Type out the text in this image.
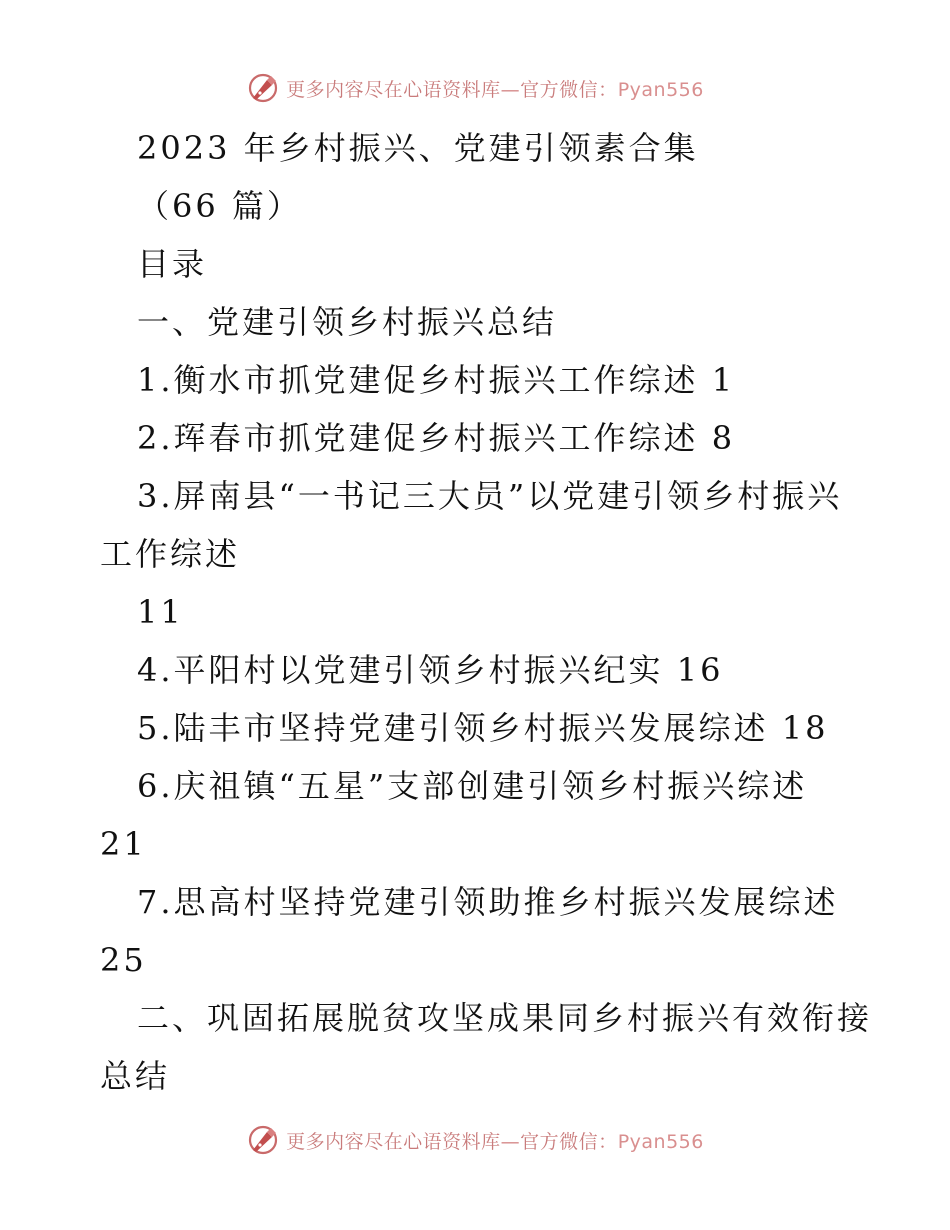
更多内容尽在心语资料库—官方微信：Pyan556
2023 年乡村振兴、党建引领素合集
（66 篇）
目录
一、党建引领乡村振兴总结
1.衡水市抓党建促乡村振兴工作综述 1
2.珲春市抓党建促乡村振兴工作综述 8
3.屏南县“一书记三大员”以党建引领乡村振兴
工作综述
11
4.平阳村以党建引领乡村振兴纪实 16
5.陆丰市坚持党建引领乡村振兴发展综述 18
6.庆祖镇“五星”支部创建引领乡村振兴综述
21
7.思高村坚持党建引领助推乡村振兴发展综述
25
二、巩固拓展脱贫攻坚成果同乡村振兴有效衔接
总结
更多内容尽在心语资料库—官方微信：Pyan556
